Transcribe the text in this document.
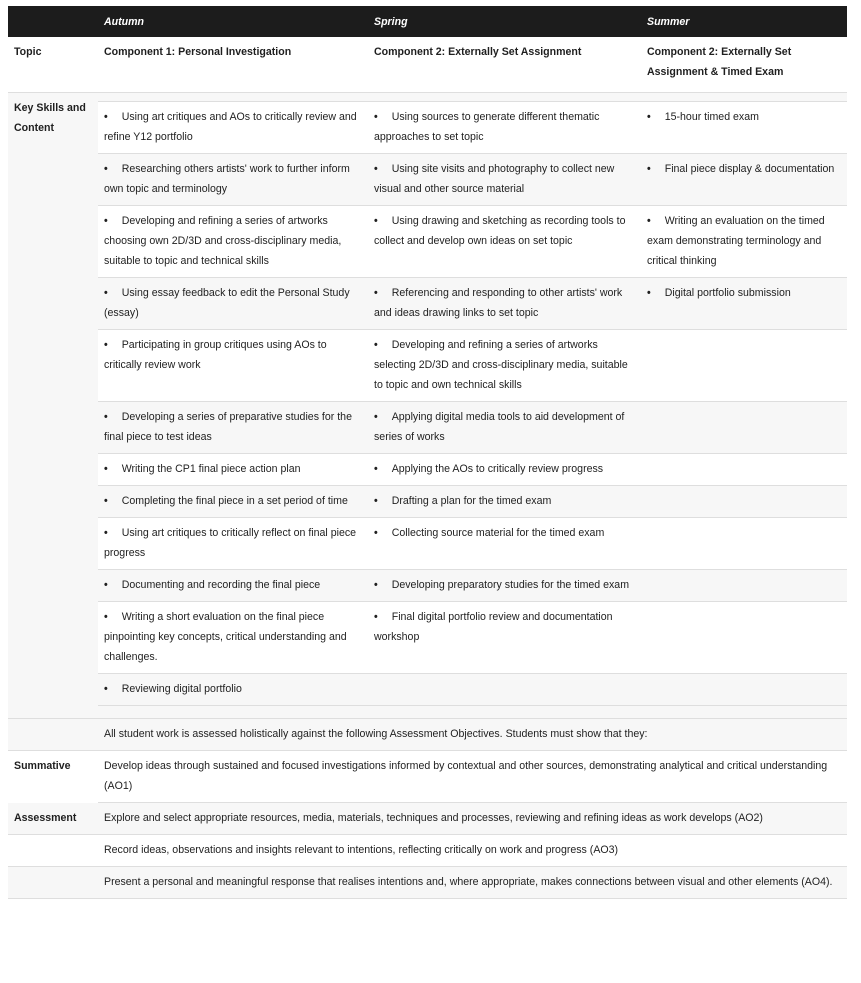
	Autumn	Spring	Summer
Topic	Component 1: Personal Investigation	Component 2: Externally Set Assignment	Component 2: Externally Set Assignment & Timed Exam
Key Skills and Content			
	• Using art critiques and AOs to critically review and refine Y12 portfolio	• Using sources to generate different thematic approaches to set topic	• 15-hour timed exam
	• Researching others artists' work to further inform own topic and terminology	• Using site visits and photography to collect new visual and other source material	• Final piece display & documentation
	• Developing and refining a series of artworks choosing own 2D/3D and cross-disciplinary media, suitable to topic and technical skills	• Using drawing and sketching as recording tools to collect and develop own ideas on set topic	• Writing an evaluation on the timed exam demonstrating terminology and critical thinking
	• Using essay feedback to edit the Personal Study (essay)	• Referencing and responding to other artists' work and ideas drawing links to set topic	• Digital portfolio submission
	• Participating in group critiques using AOs to critically review work	• Developing and refining a series of artworks selecting 2D/3D and cross-disciplinary media, suitable to topic and own technical skills	
	• Developing a series of preparative studies for the final piece to test ideas	• Applying digital media tools to aid development of series of works	
	• Writing the CP1 final piece action plan	• Applying the AOs to critically review progress	
	• Completing the final piece in a set period of time	• Drafting a plan for the timed exam	
	• Using art critiques to critically reflect on final piece progress	• Collecting source material for the timed exam	
	• Documenting and recording the final piece	• Developing preparatory studies for the timed exam	
	• Writing a short evaluation on the final piece pinpointing key concepts, critical understanding and challenges.	• Final digital portfolio review and documentation workshop	
	• Reviewing digital portfolio		

	All student work is assessed holistically against the following Assessment Objectives. Students must show that they:		
Summative	Develop ideas through sustained and focused investigations informed by contextual and other sources, demonstrating analytical and critical understanding (AO1)		
Assessment	Explore and select appropriate resources, media, materials, techniques and processes, reviewing and refining ideas as work develops (AO2)		
	Record ideas, observations and insights relevant to intentions, reflecting critically on work and progress (AO3)		
	Present a personal and meaningful response that realises intentions and, where appropriate, makes connections between visual and other elements (AO4).		
